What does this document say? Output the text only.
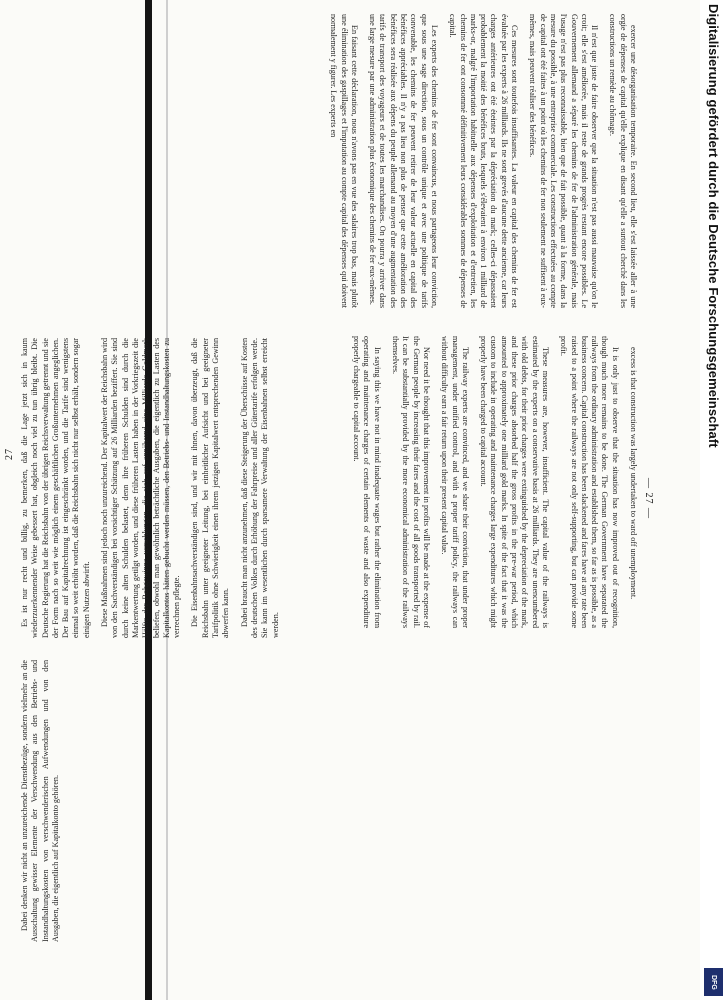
— 27 —

exercer une désorganisation temporaire. En second lieu, elle s'est laissée aller à une orgie de dépenses de capital qu'elle explique en disant qu'elle a surtout cherché dans les constructions un remède au chômage.

Il n'est que juste de faire observer que la situation n'est pas aussi mauvaise qu'on le croit; elle s'est améliorée, mais il reste de grands progrès restant encore possibles. Le Gouvernement allemand a séparé les chemins de fer de l'administration générale, mais l'usage n'est pas plus reconnaissable, bien que de fait possible, quant à la forme, dans la mesure du possible, à une entreprise commerciale. Les constructions effectuées au compte de capital ont été faites à un point où les chemins de fer non seulement ne suffisent à eux-mêmes, mais peuvent réaliser des bénéfices.

Ces mesures sont toutefois insuffisantes. La valeur en capital des chemins de fer est évaluée par les experts à 26 milliards. Ils ne sont grevés d'aucune dette ancienne, car leurs charges antérieures ont été éteintes par la dépréciation du mark; celles-ci dépassaient probablement la moitié des bénéfices bruts, lesquels s'élevaient à environ 1 milliard de marks-or, malgré l'importation habituelle aux dépenses d'exploitation et d'entretien, les chemins de fer ont consommé définitivement leurs considérables sommes de dépenses de capital.

Les experts des chemins de fer sont convaincus, et nous partageons leur conviction, que sous une sage direction, sous un contrôle unique et avec une politique de tarifs convenable, les chemins de fer peuvent retirer de leur valeur actuelle en capital des bénéfices appréciables. Il n'y a pas lieu non plus de penser que cette amélioration des bénéfices sera réalisée aux dépens du peuple allemand au moyen d'une augmentation des tarifs de transport des voyageurs et de toutes les marchandises. On pourra y arriver dans une large mesure par une administration plus économique des chemins de fer eux-mêmes.

En faisant cette déclaration, nous n'avons pas en vue des salaires trop bas, mais plutôt une élimination des gaspillages et l'imputation au compte capital des dépenses qui doivent normalement y figurer. Les experts en

excess is that construction was largely undertaken to ward off unemployment.

It is only just to observe that the situation has now improved out of recognition, though much more remains to be done. The German Government have separated the railways from the ordinary administration and established them, so far as is possible, as a business concern. Capital construction has been slackened and fares have at any rate been raised to a point where the railways are not only self-supporting, but can provide some profit.

These measures are, however, insufficient. The capital value of the railways is estimated by the experts on a conservative basis at 26 milliards. They are unencumbered with old debts, for their prior charges were extinguished by the depreciation of the mark, and these prior charges absorbed half the gross profits in the pre-war period, which amounted to approximately one milliard gold marks. In spite of the fact that it was the custom to include in operating and maintenance charges large expenditures which might properly have been charged to capital account.

The railway experts are convinced, and we share their conviction, that under proper management, under unified control, and with a proper tariff policy, the railways can without difficulty earn a fair return upon their present capital value.

Nor need it be thought that this improvement in profits will be made at the expense of the German people by increasing their fares and the cost of all goods transported by rail. It can be substantially provided by the more economical administration of the railways themselves.

In saying this we have not in mind inadequate wages but rather the elimination from operating and maintenance charges of certain elements of waste and also expenditure properly chargeable to capital account.

27

Dabei denken wir nicht an unzureichende Dienstbezüge, sondern vielmehr an die Ausschaltung gewisser Elemente der Verschwendung aus den Betriebs- und Instandhaltungskosten von verschwenderischen Aufwendungen und von den Ausgaben, die eigentlich auf Kapitalkonto gehören.

Es ist nur recht und billig, zu bemerken, daß die Lage jetzt sich in kaum wiederzuerkennender Weise gebessert hat, obgleich noch viel zu tun übrig bleibt. Die Deutsche Regierung hat die Reichsbahn von der übrigen Reichsverwaltung getrennt und sie der Form nach so weit wie möglich einem geschäftlichen Großunternehmen angeglichen. Der Bau auf Kapitalrechnung ist eingeschränkt worden, und die Tarife sind wenigstens einmal so weit erhöht worden, daß die Reichsbahn sich nicht nur selbst erhält, sondern sogar einigen Nutzen abwirft. Diese Maßnahmen sind jedoch noch unzureichend. Der Kapitalwert der Reichsbahn wird von den Sachverständigen bei vorsichtiger Schätzung auf 26 Milliarden beziffert. Sie sind durch keine alten Schulden belastet, denn ihre früheren Schulden sind durch die Markentwertung getilgt worden, und diese früheren Lasten haben in der Vorkriegszeit die Hälfte der Rohgewinne verschlungen, die sich auf annähernd eine Milliarde Goldmark beliefen, obwohl man gewöhnlich beträchtliche Ausgaben, die eigentlich zu Lasten des Kapitalkontos hätten gebucht werden müssen, den Betriebs- und Instandhaltungskosten zu verrechnen pflegte. Die Eisenbahnsachverständigen sind, und wir mit ihnen, davon überzeugt, daß die Reichsbahn unter geeigneter Leitung, bei einheitlicher Aufsicht und bei geeigneter Tarifpolitik ohne Schwierigkeit einen ihrem jetzigen Kapitalwert entsprechenden Gewinn abwerfen kann. Dabei braucht man nicht anzunehmen, daß diese Steigerung der Überschüsse auf Kosten des deutschen Volkes durch Erhöhung der Fahrpreise und aller Gütertarife erfolgen werde. Sie kann im wesentlichen durch sparsamere Verwaltung der Eisenbahnen selbst erreicht werden.

Digitalisierung gefördert durch die Deutsche Forschungsgemeinschaft
DFG
